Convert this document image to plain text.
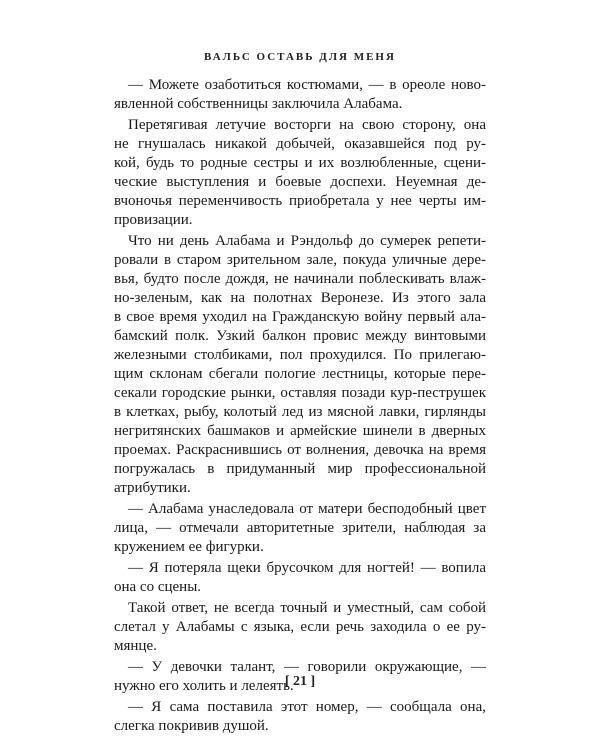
ВАЛЬС ОСТАВЬ ДЛЯ МЕНЯ
— Можете озаботиться костюмами, — в ореоле ново-
явленной собственницы заключила Алабама.
Перетягивая летучие восторги на свою сторону, она
не гнушалась никакой добычей, оказавшейся под ру-
кой, будь то родные сестры и их возлюбленные, сцени-
ческие выступления и боевые доспехи. Неуемная де-
вчоночья переменчивость приобретала у нее черты им-
провизации.
Что ни день Алабама и Рэндольф до сумерек репети-
ровали в старом зрительном зале, покуда уличные дере-
вья, будто после дождя, не начинали поблескивать влаж-
но-зеленым, как на полотнах Веронезе. Из этого зала
в свое время уходил на Гражданскую войну первый ала-
бамский полк. Узкий балкон провис между винтовыми
железными столбиками, пол прохудился. По прилегаю-
щим склонам сбегали пологие лестницы, которые пере-
секали городские рынки, оставляя позади кур-пеструшек
в клетках, рыбу, колотый лед из мясной лавки, гирлянды
негритянских башмаков и армейские шинели в дверных
проемах. Раскраснившись от волнения, девочка на время
погружалась в придуманный мир профессиональной
атрибутики.
— Алабама унаследовала от матери бесподобный цвет
лица, — отмечали авторитетные зрители, наблюдая за
кружением ее фигурки.
— Я потеряла щеки брусочком для ногтей! — вопила
она со сцены.
Такой ответ, не всегда точный и уместный, сам собой
слетал у Алабамы с языка, если речь заходила о ее ру-
мянце.
— У девочки талант, — говорили окружающие, —
нужно его холить и лелеять.
— Я сама поставила этот номер, — сообщала она,
слегка покривив душой.
[ 21 ]
